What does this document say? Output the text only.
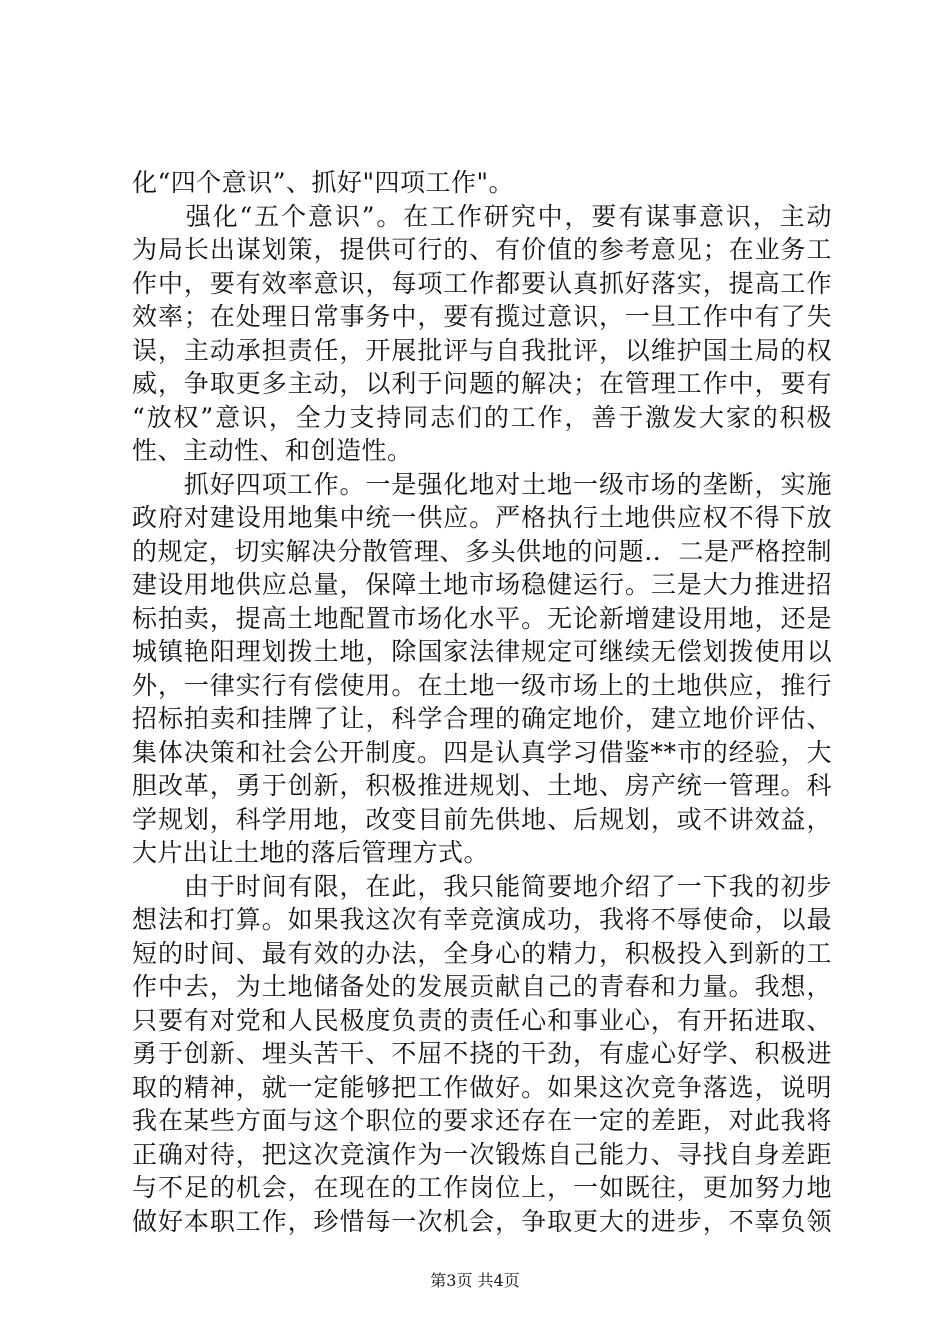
化“四个意识”、抓好"四项工作"。
　　强化“五个意识”。在工作研究中，要有谋事意识，主动
为局长出谋划策，提供可行的、有价值的参考意见；在业务工
作中，要有效率意识，每项工作都要认真抓好落实，提高工作
效率；在处理日常事务中，要有揽过意识，一旦工作中有了失
误，主动承担责任，开展批评与自我批评，以维护国土局的权
威，争取更多主动，以利于问题的解决；在管理工作中，要有
“放权”意识，全力支持同志们的工作，善于激发大家的积极
性、主动性、和创造性。
　　抓好四项工作。一是强化地对土地一级市场的垄断，实施
政府对建设用地集中统一供应。严格执行土地供应权不得下放
的规定，切实解决分散管理、多头供地的问题.．二是严格控制
建设用地供应总量，保障土地市场稳健运行。三是大力推进招
标拍卖，提高土地配置市场化水平。无论新增建设用地，还是
城镇艳阳理划拨土地，除国家法律规定可继续无偿划拨使用以
外，一律实行有偿使用。在土地一级市场上的土地供应，推行
招标拍卖和挂牌了让，科学合理的确定地价，建立地价评估、
集体决策和社会公开制度。四是认真学习借鉴**市的经验，大
胆改革，勇于创新，积极推进规划、土地、房产统一管理。科
学规划，科学用地，改变目前先供地、后规划，或不讲效益，
大片出让土地的落后管理方式。
　　由于时间有限，在此，我只能简要地介绍了一下我的初步
想法和打算。如果我这次有幸竞演成功，我将不辱使命，以最
短的时间、最有效的办法，全身心的精力，积极投入到新的工
作中去，为土地储备处的发展贡献自己的青春和力量。我想，
只要有对党和人民极度负责的责任心和事业心，有开拓进取、
勇于创新、埋头苦干、不屈不挠的干劲，有虚心好学、积极进
取的精神，就一定能够把工作做好。如果这次竞争落选，说明
我在某些方面与这个职位的要求还存在一定的差距，对此我将
正确对待，把这次竞演作为一次锻炼自己能力、寻找自身差距
与不足的机会，在现在的工作岗位上，一如既往，更加努力地
做好本职工作，珍惜每一次机会，争取更大的进步，不辜负领
第3页 共4页
